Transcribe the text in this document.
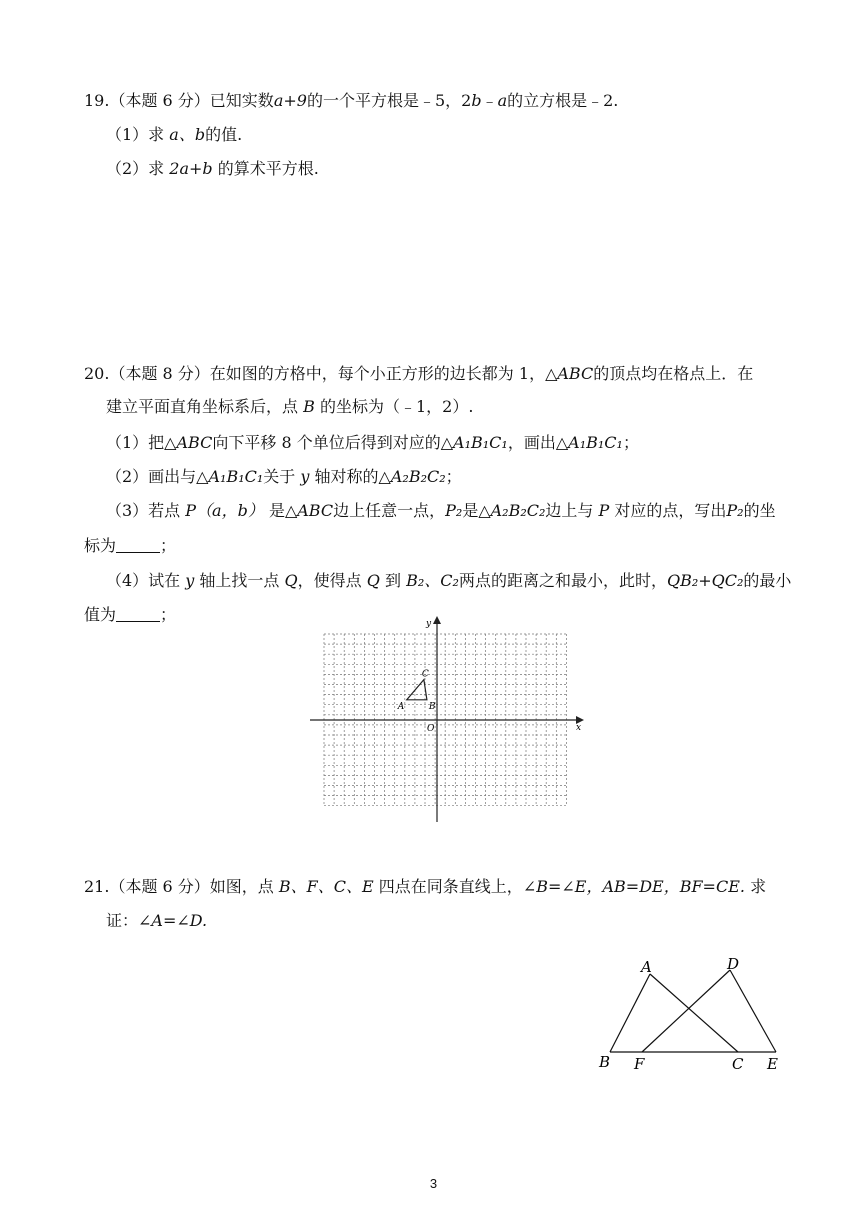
19.（本题 6 分）已知实数a+9的一个平方根是﹣5，2b﹣a的立方根是﹣2.
（1）求 a、b的值.
（2）求 2a+b 的算术平方根.
20.（本题 8 分）在如图的方格中，每个小正方形的边长都为 1，△ABC的顶点均在格点上．在
建立平面直角坐标系后，点 B 的坐标为（﹣1，2）.
（1）把△ABC向下平移 8 个单位后得到对应的△A₁B₁C₁，画出△A₁B₁C₁；
（2）画出与△A₁B₁C₁关于 y 轴对称的△A₂B₂C₂；
（3）若点 P（a，b） 是△ABC边上任意一点，P₂是△A₂B₂C₂边上与 P 对应的点，写出P₂的坐
标为	；
（4）试在 y 轴上找一点 Q，使得点 Q 到 B₂、C₂两点的距离之和最小，此时，QB₂+QC₂的最小
值为	；
A	B
C
O	x
y
21.（本题 6 分）如图，点 B、F、C、E 四点在同条直线上，∠B=∠E，AB=DE，BF=CE. 求
证：∠A=∠D.
A	D
B F	C E
3
